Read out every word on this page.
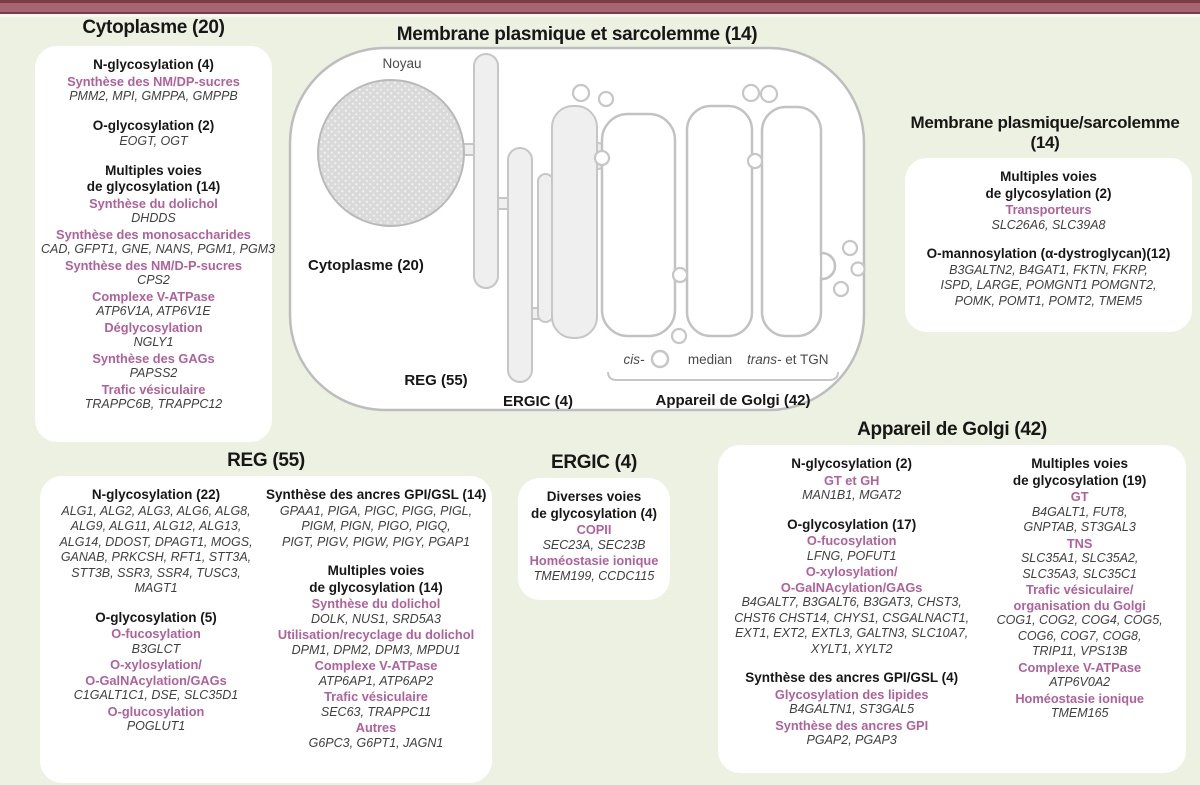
Cytoplasme (20)
N-glycosylation (4)
Synthèse des NM/DP-sucres
PMM2, MPI, GMPPA, GMPPB
O-glycosylation (2)
EOGT, OGT
Multiples voies
de glycosylation (14)
Synthèse du dolichol
DHDDS
Synthèse des monosaccharides
CAD, GFPT1, GNE, NANS, PGM1, PGM3
Synthèse des NM/D-P-sucres
CPS2
Complexe V-ATPase
ATP6V1A, ATP6V1E
Déglycosylation
NGLY1
Synthèse des GAGs
PAPSS2
Trafic vésiculaire
TRAPPC6B, TRAPPC12
Membrane plasmique et sarcolemme (14)
Noyau
cis-	median trans- et TGN
Cytoplasme (20)
REG (55)
ERGIC (4)	Appareil de Golgi (42)
Membrane plasmique/sarcolemme
(14)
Multiples voies
de glycosylation (2)
Transporteurs
SLC26A6, SLC39A8
O-mannosylation (α-dystroglycan)(12)
B3GALTN2, B4GAT1, FKTN, FKRP,
ISPD, LARGE, POMGNT1 POMGNT2,
POMK, POMT1, POMT2, TMEM5
REG (55)
N-glycosylation (22)
ALG1, ALG2, ALG3, ALG6, ALG8,
ALG9, ALG11, ALG12, ALG13,
ALG14, DDOST, DPAGT1, MOGS,
GANAB, PRKCSH, RFT1, STT3A,
STT3B, SSR3, SSR4, TUSC3,
MAGT1
O-glycosylation (5)
O-fucosylation
B3GLCT
O-xylosylation/
O-GalNAcylation/GAGs
C1GALT1C1, DSE, SLC35D1
O-glucosylation
POGLUT1
Synthèse des ancres GPI/GSL (14)
GPAA1, PIGA, PIGC, PIGG, PIGL,
PIGM, PIGN, PIGO, PIGQ,
PIGT, PIGV, PIGW, PIGY, PGAP1
Multiples voies
de glycosylation (14)
Synthèse du dolichol
DOLK, NUS1, SRD5A3
Utilisation/recyclage du dolichol
DPM1, DPM2, DPM3, MPDU1
Complexe V-ATPase
ATP6AP1, ATP6AP2
Trafic vésiculaire
SEC63, TRAPPC11
Autres
G6PC3, G6PT1, JAGN1
ERGIC (4)
Diverses voies
de glycosylation (4)
COPII
SEC23A, SEC23B
Homéostasie ionique
TMEM199, CCDC115
Appareil de Golgi (42)
N-glycosylation (2)
GT et GH
MAN1B1, MGAT2
O-glycosylation (17)
O-fucosylation
LFNG, POFUT1
O-xylosylation/
O-GalNAcylation/GAGs
B4GALT7, B3GALT6, B3GAT3, CHST3,
CHST6 CHST14, CHYS1, CSGALNACT1,
EXT1, EXT2, EXTL3, GALTN3, SLC10A7,
XYLT1, XYLT2
Synthèse des ancres GPI/GSL (4)
Glycosylation des lipides
B4GALTN1, ST3GAL5
Synthèse des ancres GPI
PGAP2, PGAP3
Multiples voies
de glycosylation (19)
GT
B4GALT1, FUT8,
GNPTAB, ST3GAL3
TNS
SLC35A1, SLC35A2,
SLC35A3, SLC35C1
Trafic vésiculaire/
organisation du Golgi
COG1, COG2, COG4, COG5,
COG6, COG7, COG8,
TRIP11, VPS13B
Complexe V-ATPase
ATP6V0A2
Homéostasie ionique
TMEM165
